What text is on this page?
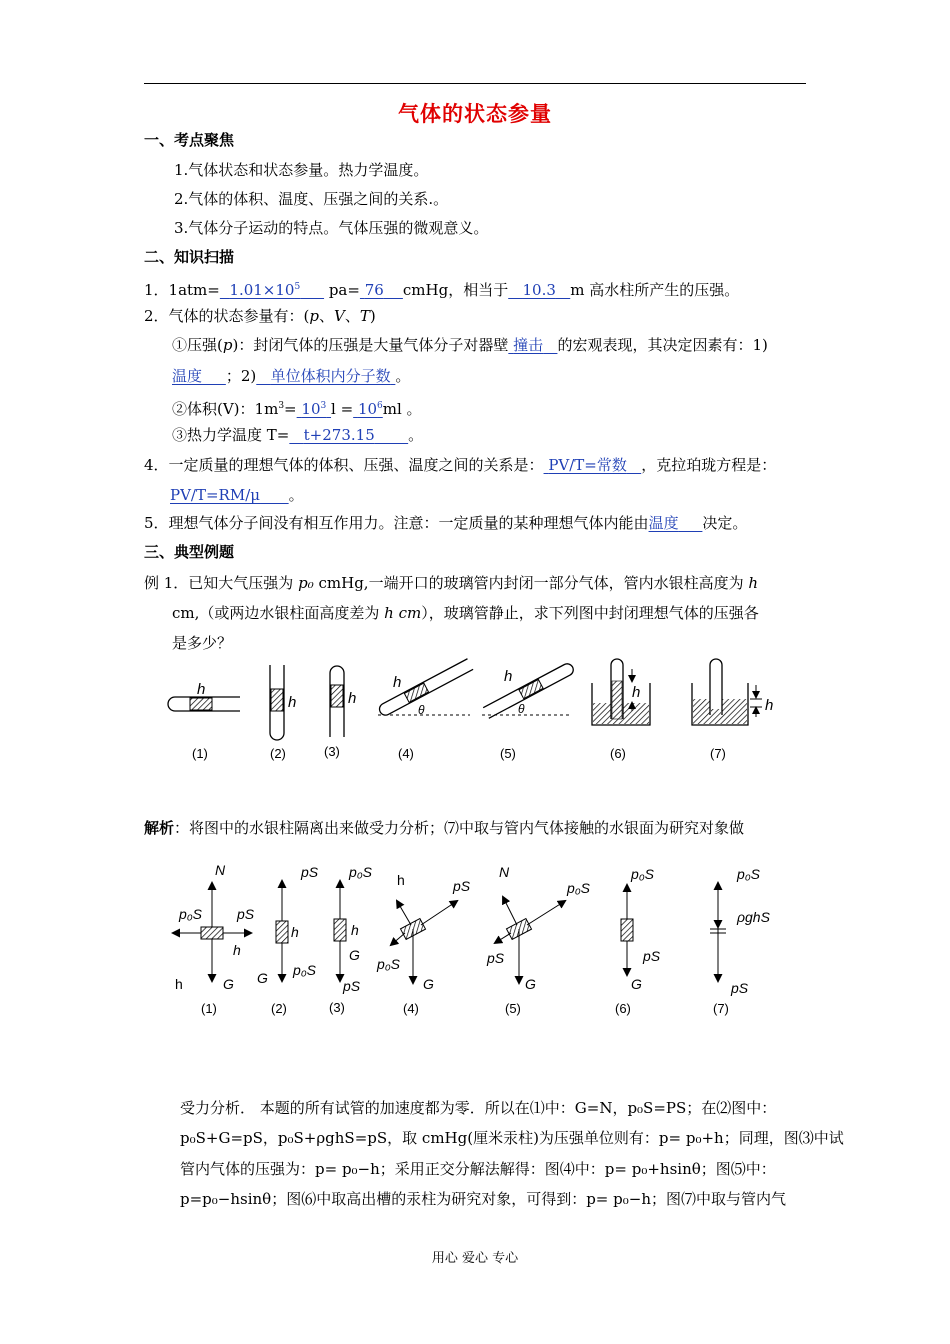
气体的状态参量
一、考点聚焦
1.气体状态和状态参量。热力学温度。
2.气体的体积、温度、压强之间的关系.。
3.气体分子运动的特点。气体压强的微观意义。
二、知识扫描
1．$1atm= 1.01\times 10^5$      pa= 76 cmHg，相当于 10.3 m 高水柱所产生的压强。
2．气体的状态参量有：(p、V、T)
①压强(p)：封闭气体的压强是大量气体分子对器壁 撞击 的宏观表现，其决定因素有：1)
温度 ；2) 单位体积内分子数 。
②体积(V)：$1m^3= 10^3$ $l = 10^6ml$ 。
③热力学温度 T= t+273.15 。
4．一定质量的理想气体的体积、压强、温度之间的关系是： PV/T=常数 ，克拉珀珑方程是：
PV/T=RM/μ 。
5．理想气体分子间没有相互作用力。注意：一定质量的某种理想气体内能由温度 决定。
三、典型例题
例 1．已知大气压强为 p₀ cmHg,一端开口的玻璃管内封闭一部分气体，管内水银柱高度为 h
cm,（或两边水银柱面高度差为 h cm），玻璃管静止，求下列图中封闭理想气体的压强各
是多少？
h
h	h
h
θ
h
θ
h
h
(1)	(2)	(3)	(4)	(5)	(6)	(7)
解析：将图中的水银柱隔离出来做受力分析；⑺中取与管内气体接触的水银面为研究对象做
N
p₀S pS
h
h	G
h
pS
G p₀S
h
p₀S
G
pS
h	pS
p₀S
G
N
p₀S
pS
G
p₀S
pS
G
p₀S
ρghS
pS
(1)	(2)	(3)	(4)	(5)	(6)	(7)
受力分析． 本题的所有试管的加速度都为零．所以在⑴中：G=N，p₀S=PS；在⑵图中：
p₀S+G=pS，p₀S+ρghS=pS，取 cmHg(厘米汞柱)为压强单位则有：p= p₀+h；同理，图⑶中试
管内气体的压强为：p= p₀−h；采用正交分解法解得：图⑷中：p= p₀+hsinθ；图⑸中：
p=p₀−hsinθ；图⑹中取高出槽的汞柱为研究对象，可得到：p= p₀−h；图⑺中取与管内气
用心 爱心 专心
